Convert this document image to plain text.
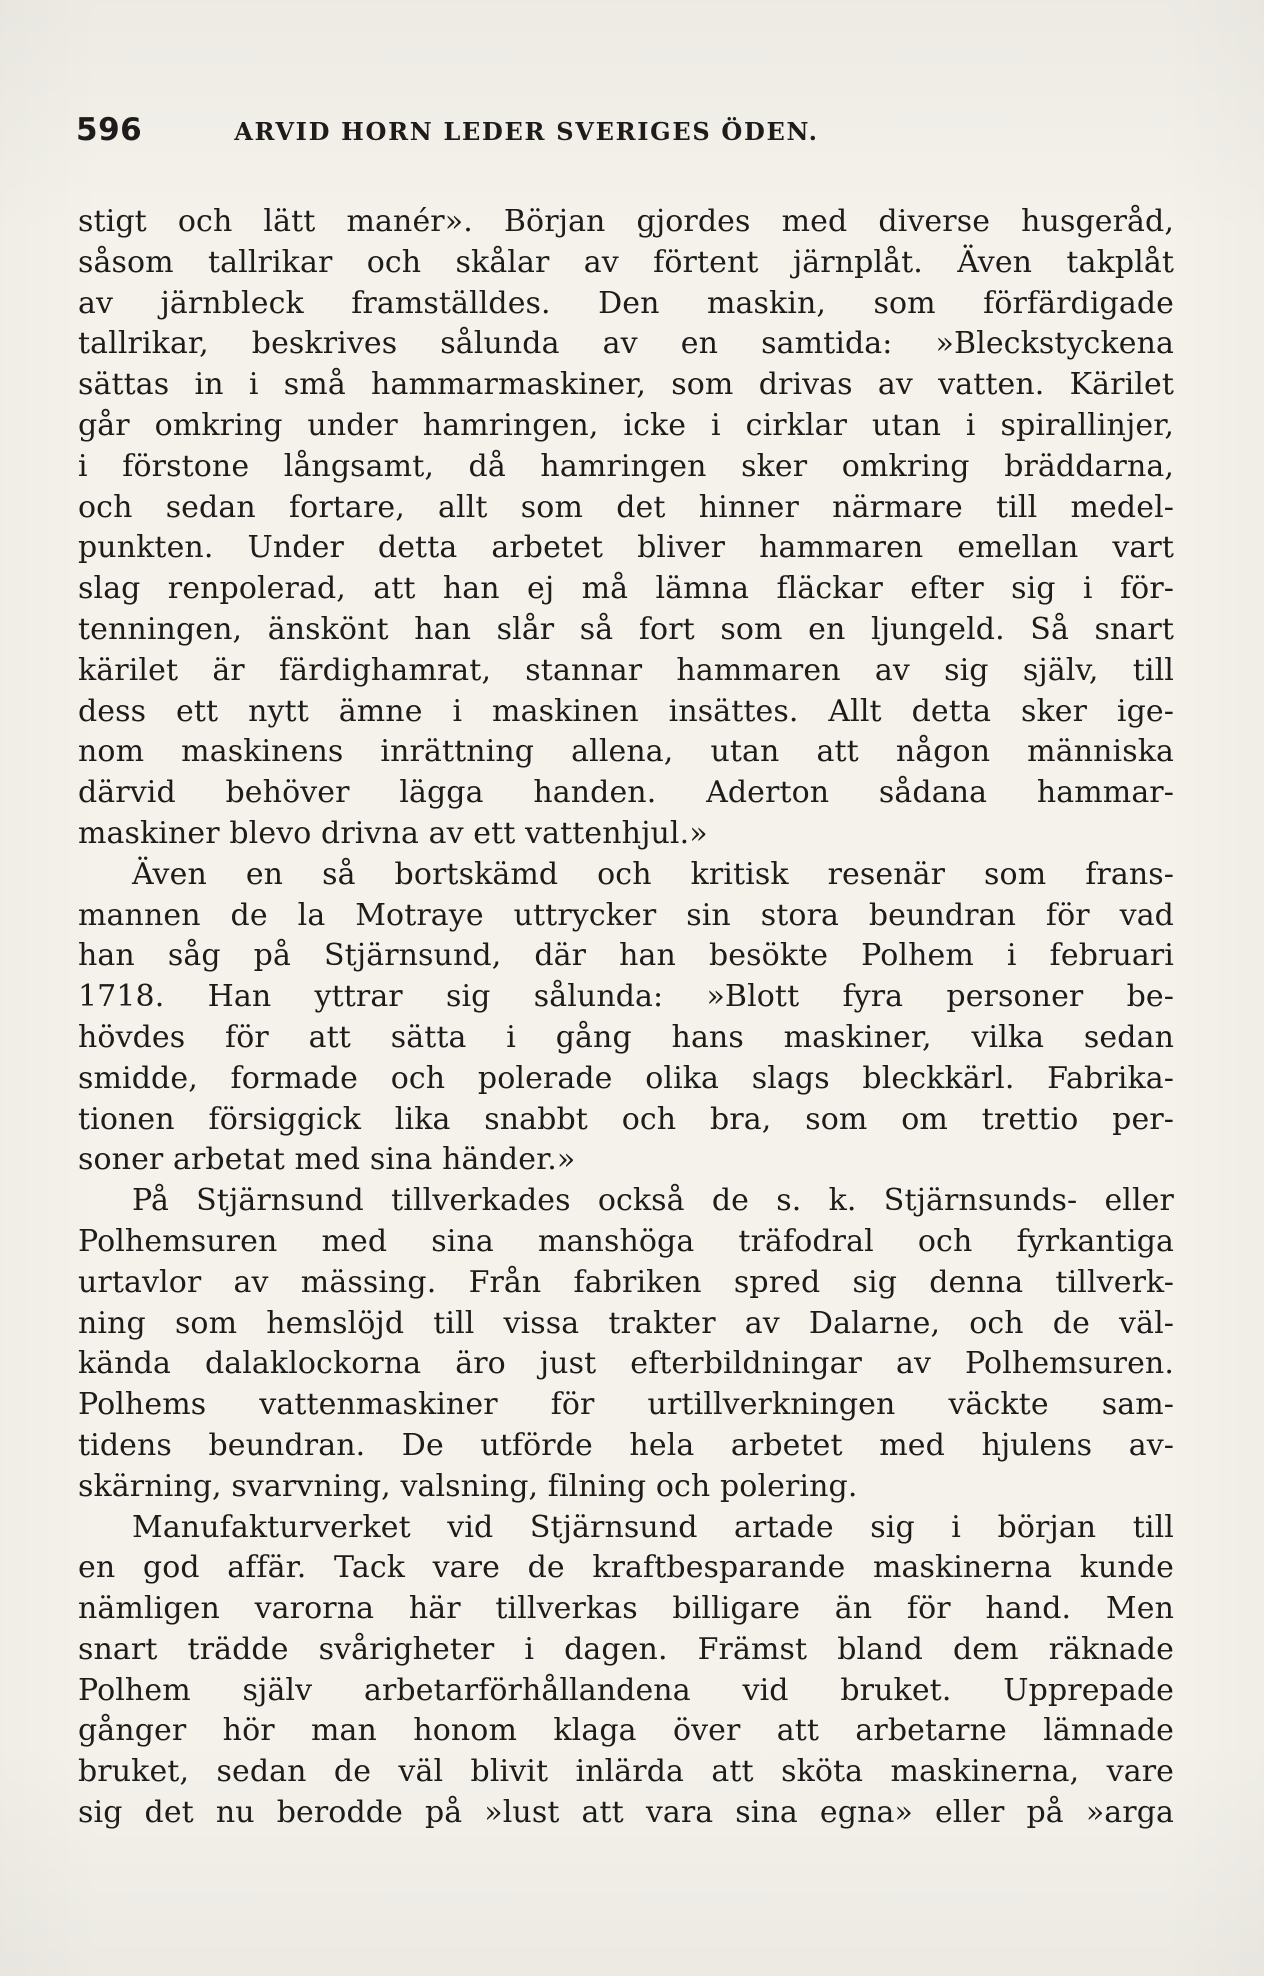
596	ARVID HORN LEDER SVERIGES ÖDEN.
stigt och lätt manér». Början gjordes med diverse husgeråd,
såsom tallrikar och skålar av förtent järnplåt. Även takplåt
av järnbleck framställdes. Den maskin, som förfärdigade
tallrikar, beskrives sålunda av en samtida: »Bleckstyckena
sättas in i små hammarmaskiner, som drivas av vatten. Kärilet
går omkring under hamringen, icke i cirklar utan i spirallinjer,
i förstone långsamt, då hamringen sker omkring bräddarna,
och sedan fortare, allt som det hinner närmare till medel-
punkten. Under detta arbetet bliver hammaren emellan vart
slag renpolerad, att han ej må lämna fläckar efter sig i för-
tenningen, änskönt han slår så fort som en ljungeld. Så snart
kärilet är färdighamrat, stannar hammaren av sig själv, till
dess ett nytt ämne i maskinen insättes. Allt detta sker ige-
nom maskinens inrättning allena, utan att någon människa
därvid behöver lägga handen. Aderton sådana hammar-
maskiner blevo drivna av ett vattenhjul.»
Även en så bortskämd och kritisk resenär som frans-
mannen de la Motraye uttrycker sin stora beundran för vad
han såg på Stjärnsund, där han besökte Polhem i februari
1718. Han yttrar sig sålunda: »Blott fyra personer be-
hövdes för att sätta i gång hans maskiner, vilka sedan
smidde, formade och polerade olika slags bleckkärl. Fabrika-
tionen försiggick lika snabbt och bra, som om trettio per-
soner arbetat med sina händer.»
På Stjärnsund tillverkades också de s. k. Stjärnsunds- eller
Polhemsuren med sina manshöga träfodral och fyrkantiga
urtavlor av mässing. Från fabriken spred sig denna tillverk-
ning som hemslöjd till vissa trakter av Dalarne, och de väl-
kända dalaklockorna äro just efterbildningar av Polhemsuren.
Polhems vattenmaskiner för urtillverkningen väckte sam-
tidens beundran. De utförde hela arbetet med hjulens av-
skärning, svarvning, valsning, filning och polering.
Manufakturverket vid Stjärnsund artade sig i början till
en god affär. Tack vare de kraftbesparande maskinerna kunde
nämligen varorna här tillverkas billigare än för hand. Men
snart trädde svårigheter i dagen. Främst bland dem räknade
Polhem själv arbetarförhållandena vid bruket. Upprepade
gånger hör man honom klaga över att arbetarne lämnade
bruket, sedan de väl blivit inlärda att sköta maskinerna, vare
sig det nu berodde på »lust att vara sina egna» eller på »arga
